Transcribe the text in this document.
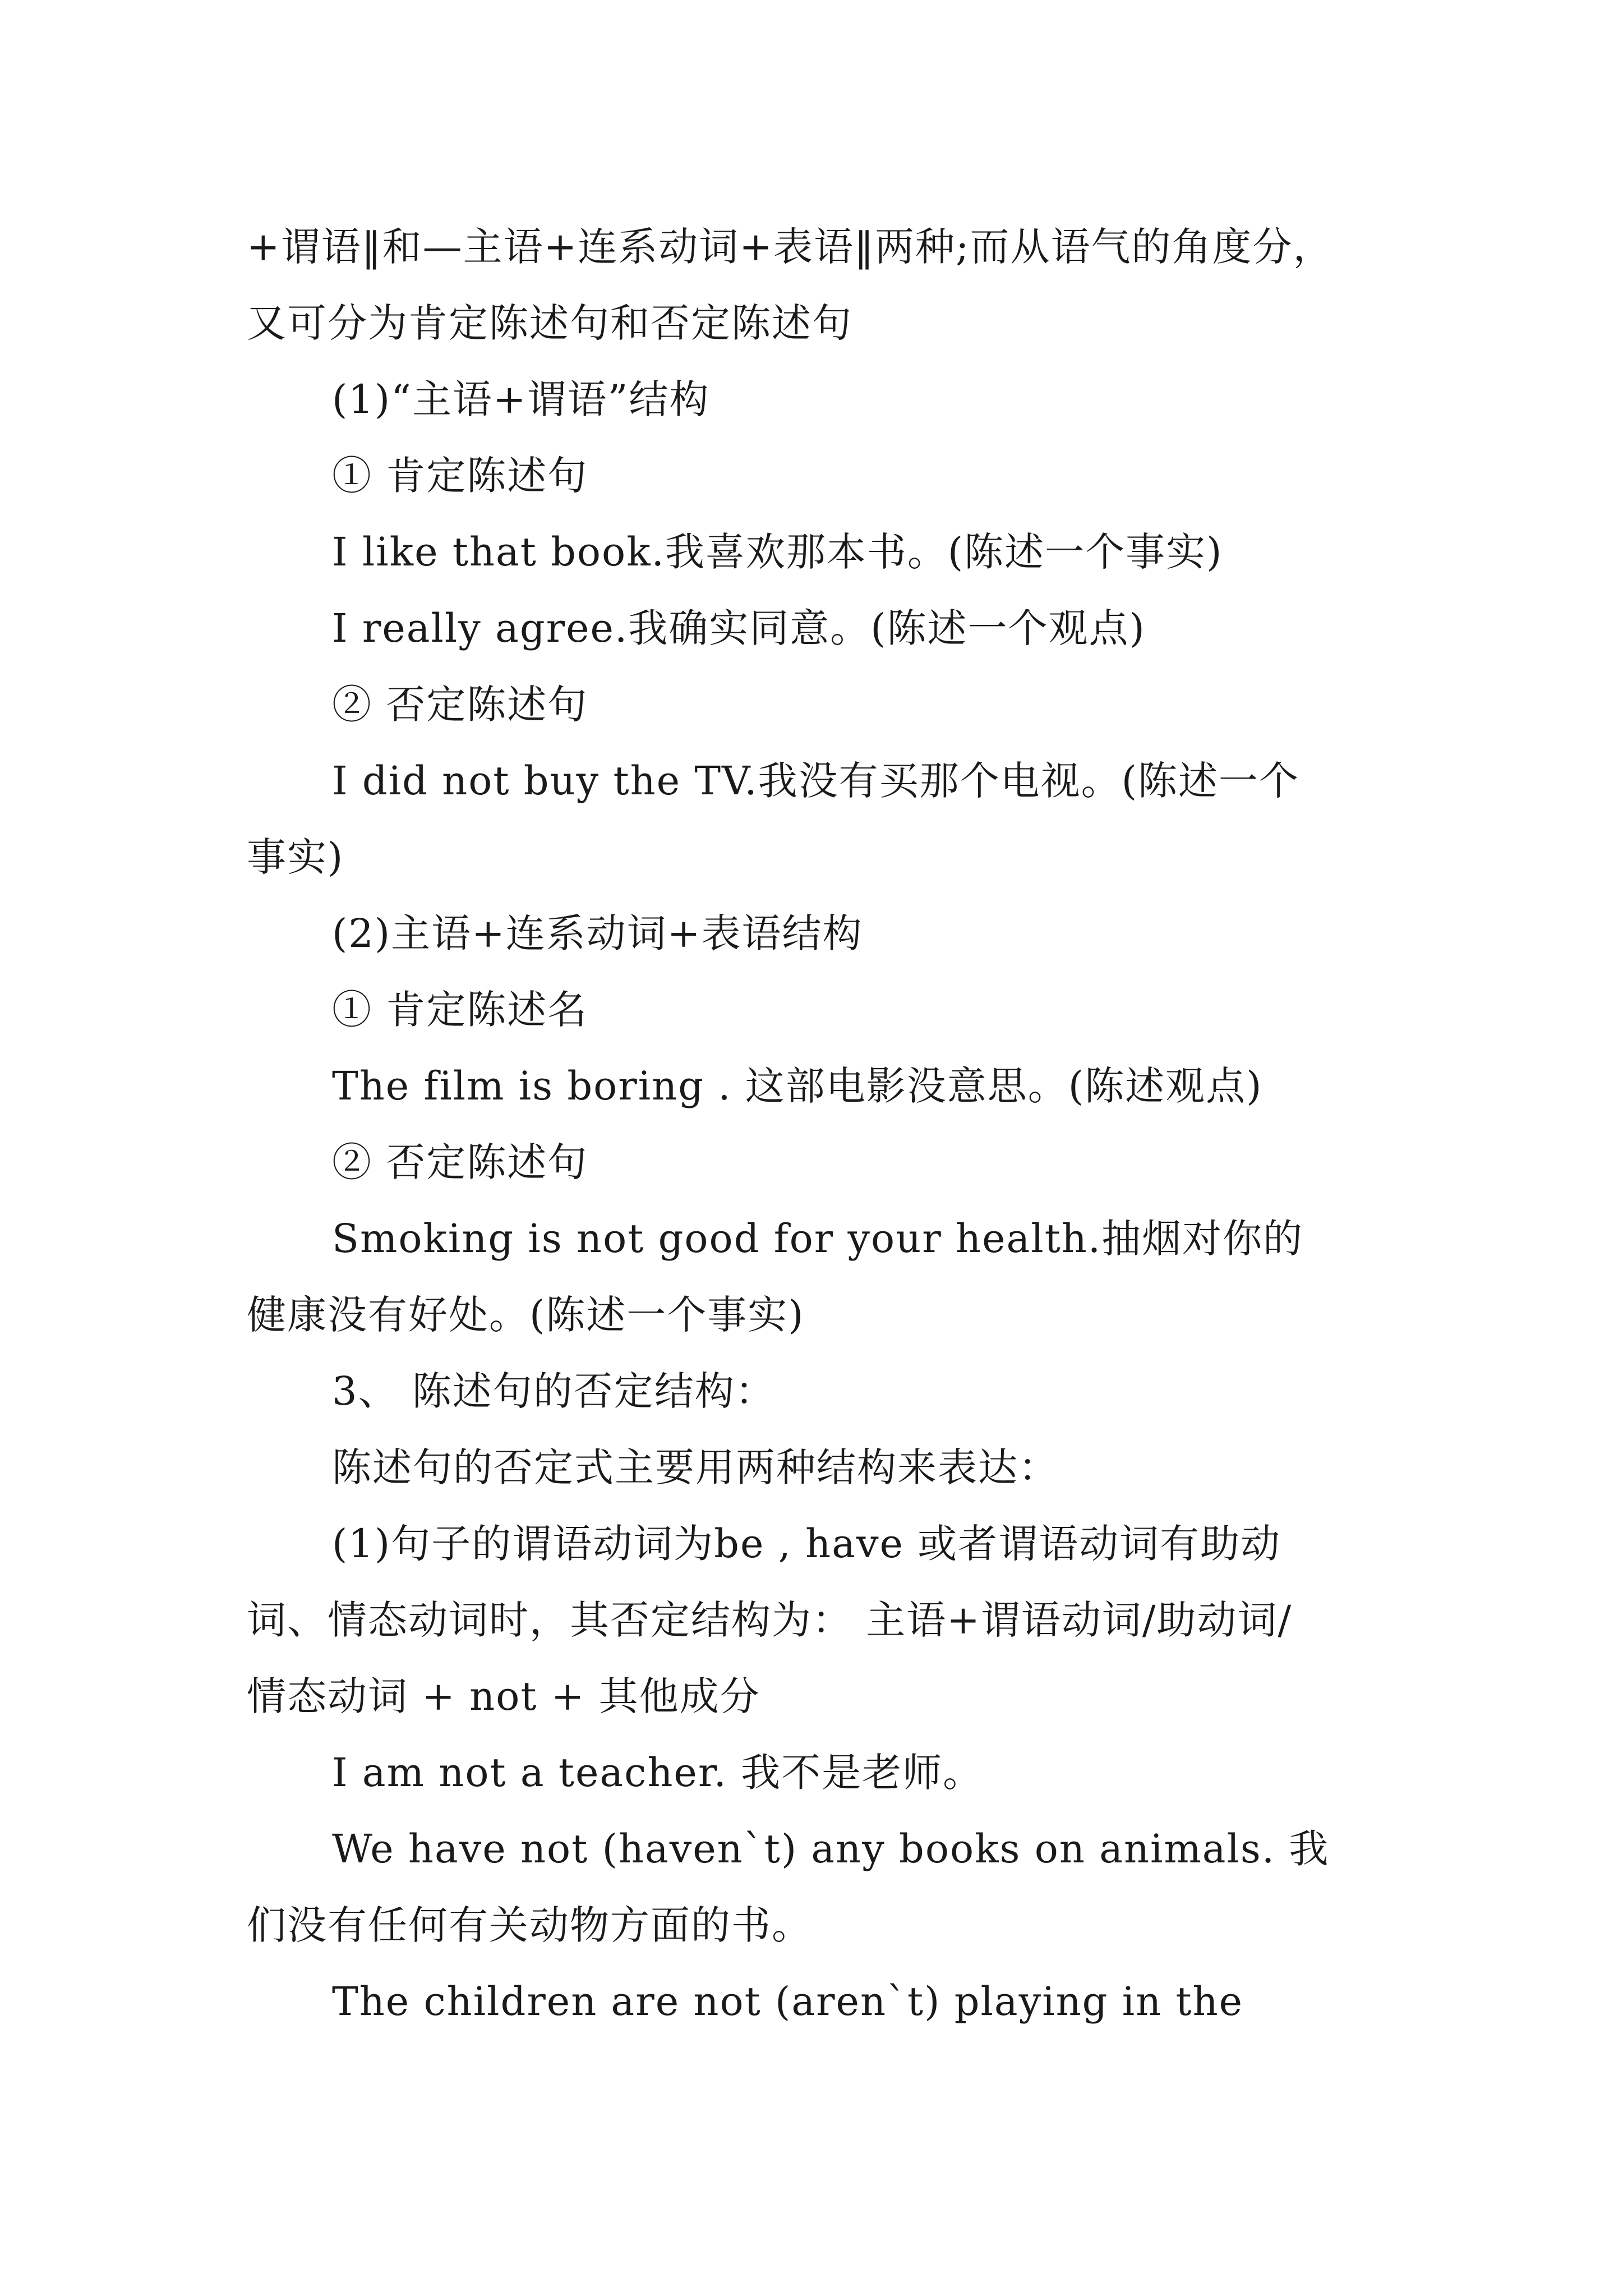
+谓语‖和—主语+连系动词+表语‖两种;而从语气的角度分，
又可分为肯定陈述句和否定陈述句
(1)“主语+谓语”结构
① 肯定陈述句
I like that book.我喜欢那本书。(陈述一个事实)
I really agree.我确实同意。(陈述一个观点)
② 否定陈述句
I did not buy the TV.我没有买那个电视。(陈述一个
事实)
(2)主语+连系动词+表语结构
① 肯定陈述名
The film is boring . 这部电影没意思。(陈述观点)
② 否定陈述句
Smoking is not good for your health.抽烟对你的
健康没有好处。(陈述一个事实)
3、 陈述句的否定结构：
陈述句的否定式主要用两种结构来表达：
(1)句子的谓语动词为be , have 或者谓语动词有助动
词、情态动词时，其否定结构为： 主语+谓语动词/助动词/
情态动词 + not + 其他成分
I am not a teacher. 我不是老师。
We have not (haven`t) any books on animals. 我
们没有任何有关动物方面的书。
The children are not (aren`t) playing in the
